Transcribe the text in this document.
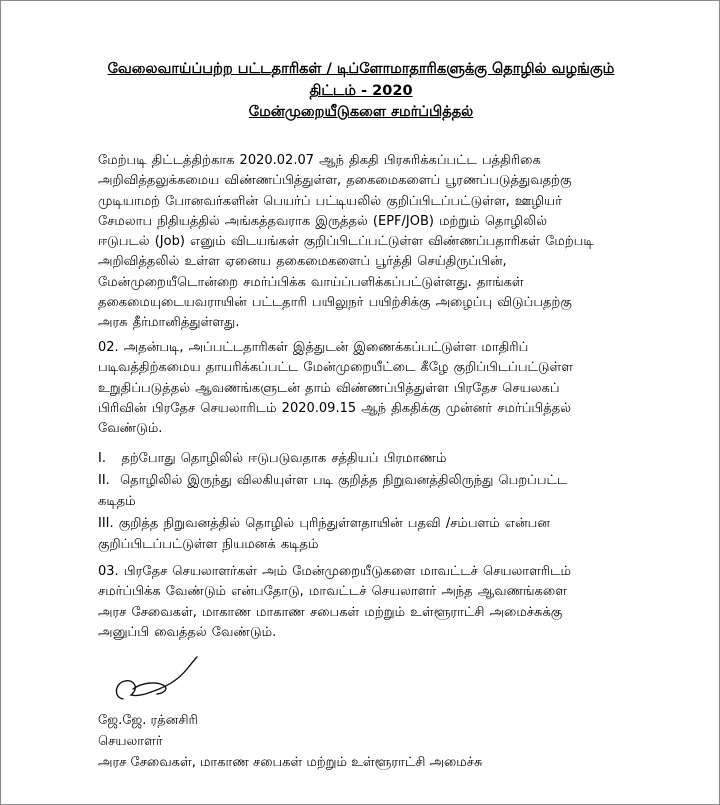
வேலைவாய்ப்பற்ற பட்டதாரிகள் / டிப்ளோமாதாரிகளுக்கு தொழில் வழங்கும்
திட்டம் - 2020
மேன்முறையீடுகளை சமர்ப்பித்தல்
மேற்படி திட்டத்திற்காக 2020.02.07 ஆந் திகதி பிரசுரிக்கப்பட்ட பத்திரிகை
அறிவித்தலுக்கமைய விண்ணப்பித்துள்ள, தகைமைகளைப் பூரணப்படுத்துவதற்கு
முடியாமற் போனவர்களின் பெயர்ப் பட்டியலில் குறிப்பிடப்பட்டுள்ள, ஊழியர்
சேமலாப நிதியத்தில் அங்கத்தவராக இருத்தல் (EPF/JOB) மற்றும் தொழிலில்
ஈடுபடல் (Job) எனும் விடயங்கள் குறிப்பிடப்பட்டுள்ள விண்ணப்பதாரிகள் மேற்படி
அறிவித்தலில் உள்ள ஏனைய தகைமைகளைப் பூர்த்தி செய்திருப்பின்,
மேன்முறையீடொன்றை சமர்ப்பிக்க வாய்ப்பளிக்கப்பட்டுள்ளது. தாங்கள்
தகைமையுடையவராயின் பட்டதாரி பயிலுநர் பயிற்சிக்கு அழைப்பு விடுப்பதற்கு
அரசு தீர்மானித்துள்ளது.
02. அதன்படி, அப்பட்டதாரிகள் இத்துடன் இணைக்கப்பட்டுள்ள மாதிரிப்
படிவத்திற்கமைய தாயரிக்கப்பட்ட மேன்முறையீட்டை கீழே குறிப்பிடப்பட்டுள்ள
உறுதிப்படுத்தல் ஆவணங்களுடன் தாம் விண்ணப்பித்துள்ள பிரதேச செயலகப்
பிரிவின் பிரதேச செயலாரிடம் 2020.09.15 ஆந் திகதிக்கு முன்னர் சமர்ப்பித்தல்
வேண்டும்.
I.   தற்போது தொழிலில் ஈடுபடுவதாக சத்தியப் பிரமாணம்
II.  தொழிலில் இருந்து விலகியுள்ள படி குறித்த நிறுவனத்திலிருந்து பெறப்பட்ட
கடிதம்
III. குறித்த நிறுவனத்தில் தொழில் புரிந்துள்ளதாயின் பதவி /சம்பளம் என்பன
குறிப்பிடப்பட்டுள்ள நியமனக் கடிதம்
03. பிரதேச செயலாளர்கள் அம் மேன்முறையீடுகளை மாவட்டச் செயலாளரிடம்
சமர்ப்பிக்க வேண்டும் என்பதோடு, மாவட்டச் செயலாளர் அந்த ஆவணங்களை
அரச சேவைகள், மாகாண மாகாண சபைகள் மற்றும் உள்ளூராட்சி அமைச்சுக்கு
அனுப்பி வைத்தல் வேண்டும்.
ஜே.ஜே. ரத்னசிரி
செயலாளர்
அரச சேவைகள், மாகாண சபைகள் மற்றும் உள்ளூராட்சி அமைச்சு
